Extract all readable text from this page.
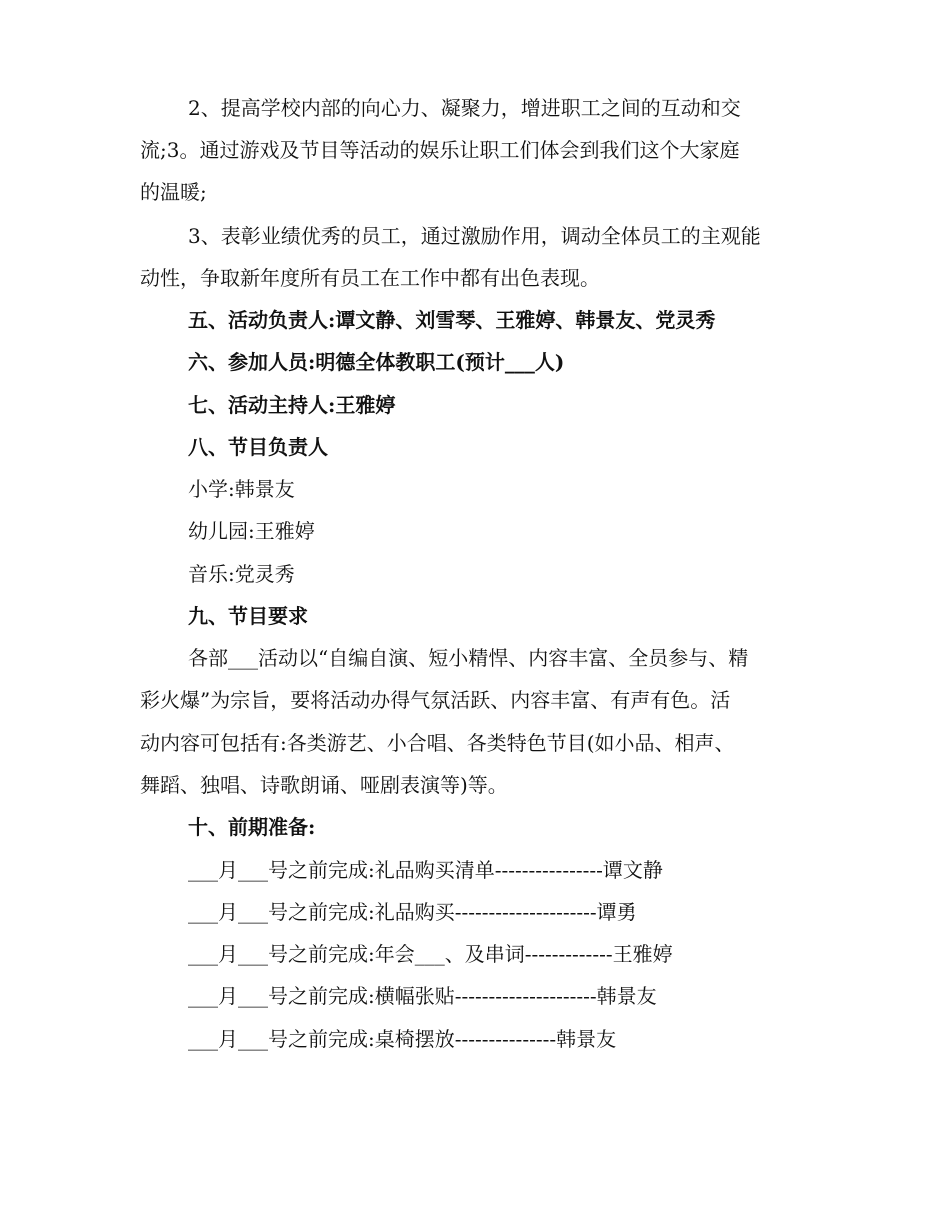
2、提高学校内部的向心力、凝聚力，增进职工之间的互动和交
流;3。通过游戏及节目等活动的娱乐让职工们体会到我们这个大家庭
的温暖;
3、表彰业绩优秀的员工，通过激励作用，调动全体员工的主观能
动性，争取新年度所有员工在工作中都有出色表现。
五、活动负责人:谭文静、刘雪琴、王雅婷、韩景友、党灵秀
六、参加人员:明德全体教职工(预计___人)
七、活动主持人:王雅婷
八、节目负责人
小学:韩景友
幼儿园:王雅婷
音乐:党灵秀
九、节目要求
各部___活动以“自编自演、短小精悍、内容丰富、全员参与、精
彩火爆”为宗旨，要将活动办得气氛活跃、内容丰富、有声有色。活
动内容可包括有:各类游艺、小合唱、各类特色节目(如小品、相声、
舞蹈、独唱、诗歌朗诵、哑剧表演等)等。
十、前期准备:
___月___号之前完成:礼品购买清单----------------谭文静
___月___号之前完成:礼品购买---------------------谭勇
___月___号之前完成:年会___、及串词-------------王雅婷
___月___号之前完成:横幅张贴---------------------韩景友
___月___号之前完成:桌椅摆放---------------韩景友
